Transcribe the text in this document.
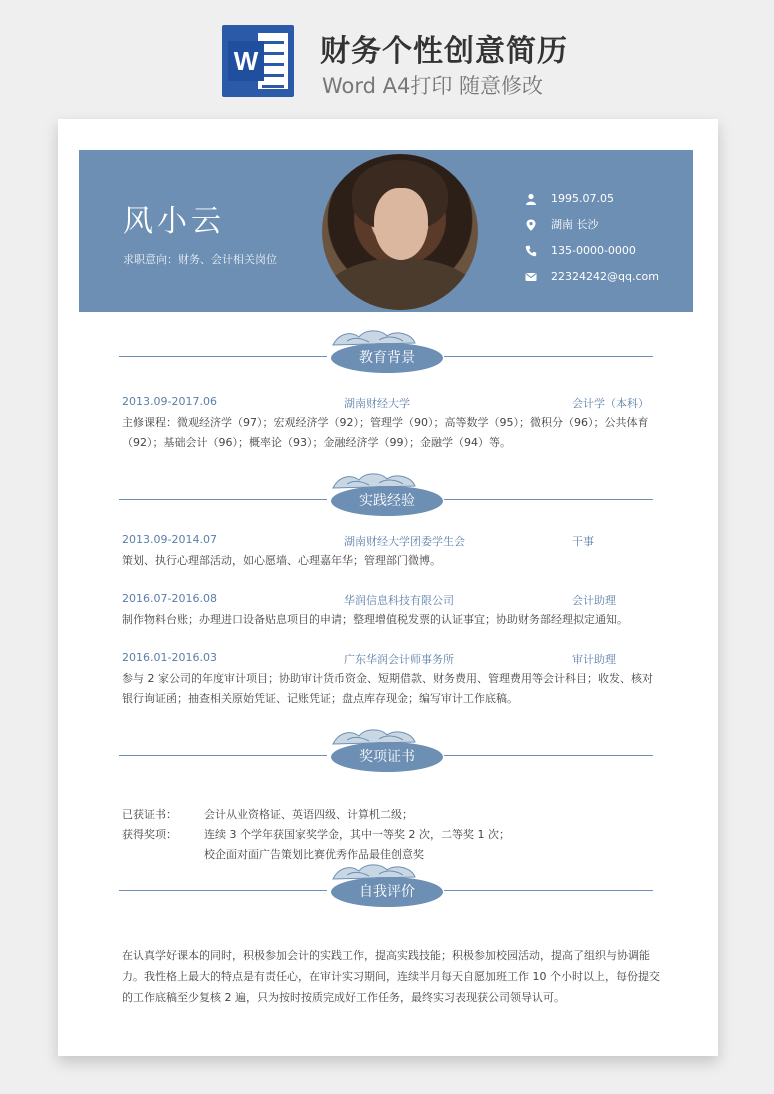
W 财务个性创意简历
Word A4打印 随意修改
风小云
求职意向：财务、会计相关岗位
1995.07.05
湖南 长沙
135-0000-0000
22324242@qq.com
教育背景
2013.09-2017.06	湖南财经大学	会计学（本科）
主修课程：微观经济学（97）；宏观经济学（92）；管理学（90）；高等数学（95）；微积分（96）；公共体育（92）；基础会计（96）；概率论（93）；金融经济学（99）；金融学（94）等。
实践经验
2013.09-2014.07	湖南财经大学团委学生会	干事
策划、执行心理部活动，如心愿墙、心理嘉年华；管理部门微博。
2016.07-2016.08	华润信息科技有限公司	会计助理
制作物料台账；办理进口设备贴息项目的申请；整理增值税发票的认证事宜；协助财务部经理拟定通知。
2016.01-2016.03	广东华润会计师事务所	审计助理
参与 2 家公司的年度审计项目；协助审计货币资金、短期借款、财务费用、管理费用等会计科目；收发、核对银行询证函；抽查相关原始凭证、记账凭证；盘点库存现金；编写审计工作底稿。
奖项证书
已获证书： 会计从业资格证、英语四级、计算机二级；
获得奖项： 连续 3 个学年获国家奖学金，其中一等奖 2 次，二等奖 1 次；
校企面对面广告策划比赛优秀作品最佳创意奖
自我评价
在认真学好课本的同时，积极参加会计的实践工作，提高实践技能；积极参加校园活动，提高了组织与协调能力。我性格上最大的特点是有责任心，在审计实习期间，连续半月每天自愿加班工作 10 个小时以上，每份提交的工作底稿至少复核 2 遍，只为按时按质完成好工作任务，最终实习表现获公司领导认可。
